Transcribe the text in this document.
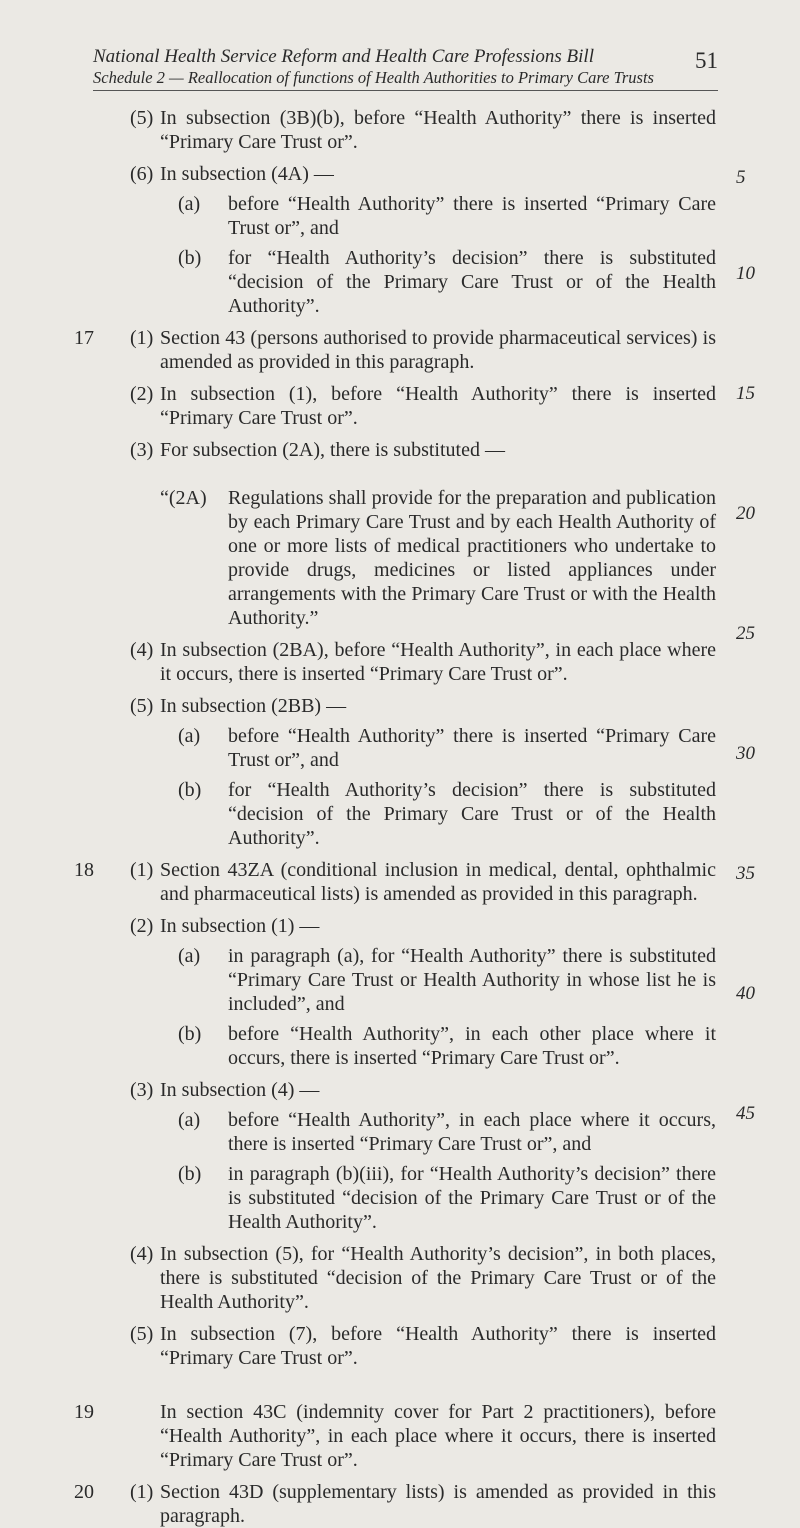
National Health Service Reform and Health Care Professions Bill
Schedule 2 — Reallocation of functions of Health Authorities to Primary Care Trusts
51
(5) In subsection (3B)(b), before “Health Authority” there is inserted “Primary Care Trust or”.
(6) In subsection (4A) —
(a) before “Health Authority” there is inserted “Primary Care Trust or”, and
(b) for “Health Authority’s decision” there is substituted “decision of the Primary Care Trust or of the Health Authority”.
17 (1) Section 43 (persons authorised to provide pharmaceutical services) is amended as provided in this paragraph.
(2) In subsection (1), before “Health Authority” there is inserted “Primary Care Trust or”.
(3) For subsection (2A), there is substituted —
“(2A) Regulations shall provide for the preparation and publication by each Primary Care Trust and by each Health Authority of one or more lists of medical practitioners who undertake to provide drugs, medicines or listed appliances under arrangements with the Primary Care Trust or with the Health Authority.”
(4) In subsection (2BA), before “Health Authority”, in each place where it occurs, there is inserted “Primary Care Trust or”.
(5) In subsection (2BB) —
(a) before “Health Authority” there is inserted “Primary Care Trust or”, and
(b) for “Health Authority’s decision” there is substituted “decision of the Primary Care Trust or of the Health Authority”.
18 (1) Section 43ZA (conditional inclusion in medical, dental, ophthalmic and pharmaceutical lists) is amended as provided in this paragraph.
(2) In subsection (1) —
(a) in paragraph (a), for “Health Authority” there is substituted “Primary Care Trust or Health Authority in whose list he is included”, and
(b) before “Health Authority”, in each other place where it occurs, there is inserted “Primary Care Trust or”.
(3) In subsection (4) —
(a) before “Health Authority”, in each place where it occurs, there is inserted “Primary Care Trust or”, and
(b) in paragraph (b)(iii), for “Health Authority’s decision” there is substituted “decision of the Primary Care Trust or of the Health Authority”.
(4) In subsection (5), for “Health Authority’s decision”, in both places, there is substituted “decision of the Primary Care Trust or of the Health Authority”.
(5) In subsection (7), before “Health Authority” there is inserted “Primary Care Trust or”.
19	In section 43C (indemnity cover for Part 2 practitioners), before “Health Authority”, in each place where it occurs, there is inserted “Primary Care Trust or”.
20 (1) Section 43D (supplementary lists) is amended as provided in this paragraph.
5
10
15
20
25
30
35
40
45
